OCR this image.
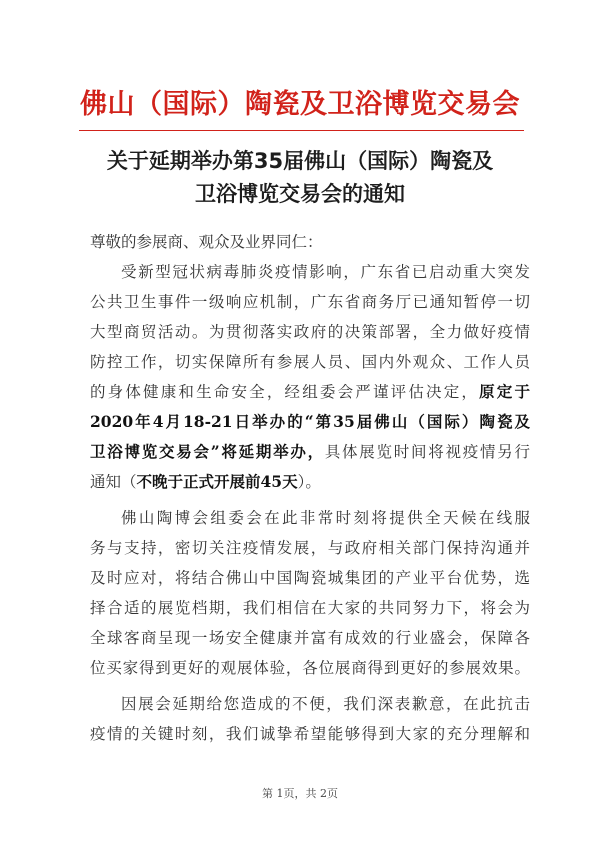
佛山（国际）陶瓷及卫浴博览交易会
关于延期举办第35届佛山（国际）陶瓷及
卫浴博览交易会的通知
尊敬的参展商、观众及业界同仁：
受新型冠状病毒肺炎疫情影响，广东省已启动重大突发
公共卫生事件一级响应机制，广东省商务厅已通知暂停一切
大型商贸活动。为贯彻落实政府的决策部署，全力做好疫情
防控工作，切实保障所有参展人员、国内外观众、工作人员
的身体健康和生命安全，经组委会严谨评估决定，原定于
2020年4月18-21日举办的“第35届佛山（国际）陶瓷及
卫浴博览交易会”将延期举办，具体展览时间将视疫情另行
通知（不晚于正式开展前45天）。
佛山陶博会组委会在此非常时刻将提供全天候在线服
务与支持，密切关注疫情发展，与政府相关部门保持沟通并
及时应对，将结合佛山中国陶瓷城集团的产业平台优势，选
择合适的展览档期，我们相信在大家的共同努力下，将会为
全球客商呈现一场安全健康并富有成效的行业盛会，保障各
位买家得到更好的观展体验，各位展商得到更好的参展效果。
因展会延期给您造成的不便，我们深表歉意，在此抗击
疫情的关键时刻，我们诚挚希望能够得到大家的充分理解和
第 1页，共 2页
